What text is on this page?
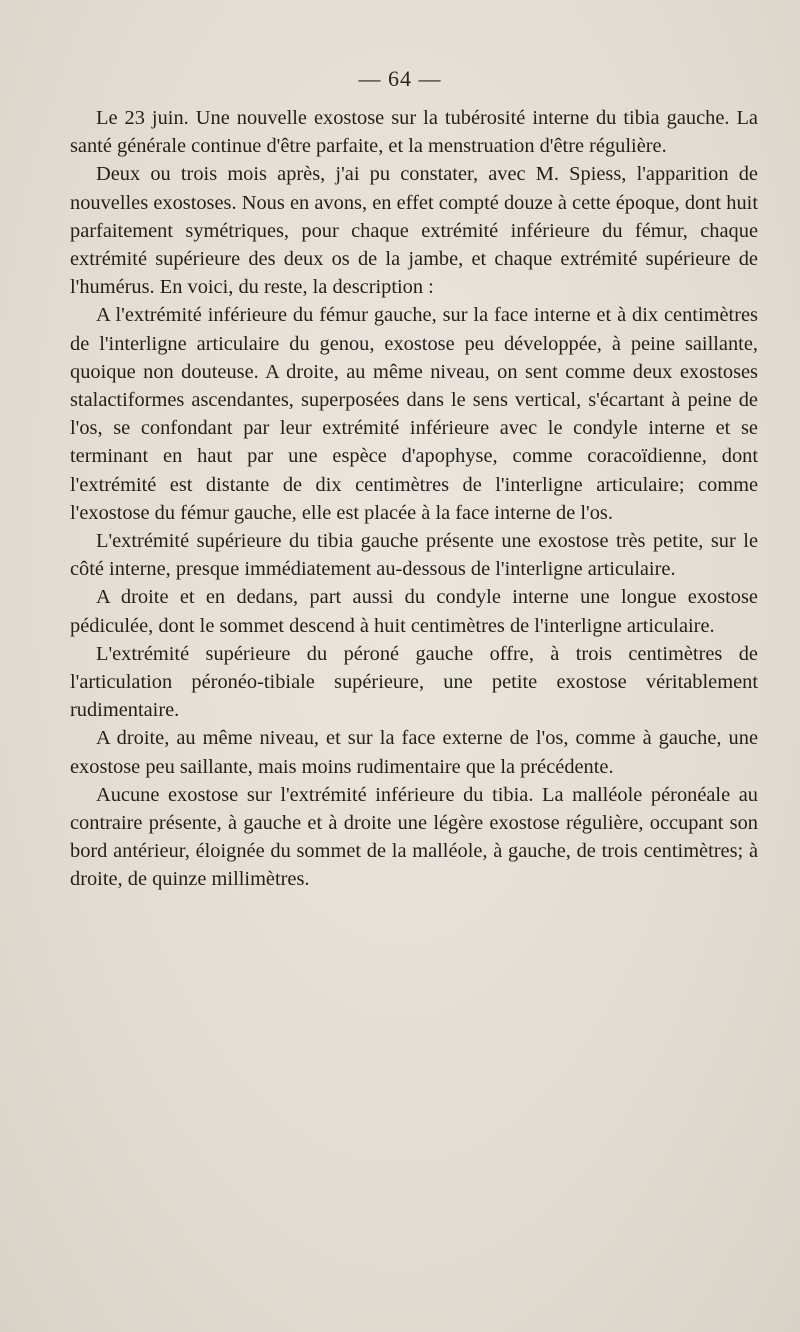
— 64 —

Le 23 juin. Une nouvelle exostose sur la tubérosité interne du tibia gauche. La santé générale continue d'être parfaite, et la menstruation d'être régulière.

Deux ou trois mois après, j'ai pu constater, avec M. Spiess, l'apparition de nouvelles exostoses. Nous en avons, en effet compté douze à cette époque, dont huit parfaitement symétriques, pour chaque extrémité inférieure du fémur, chaque extrémité supérieure des deux os de la jambe, et chaque extrémité supérieure de l'humérus. En voici, du reste, la description :

A l'extrémité inférieure du fémur gauche, sur la face interne et à dix centimètres de l'interligne articulaire du genou, exostose peu développée, à peine saillante, quoique non douteuse. A droite, au même niveau, on sent comme deux exostoses stalactiformes ascendantes, superposées dans le sens vertical, s'écartant à peine de l'os, se confondant par leur extrémité inférieure avec le condyle interne et se terminant en haut par une espèce d'apophyse, comme coracoïdienne, dont l'extrémité est distante de dix centimètres de l'interligne articulaire; comme l'exostose du fémur gauche, elle est placée à la face interne de l'os.

L'extrémité supérieure du tibia gauche présente une exostose très petite, sur le côté interne, presque immédiatement au-dessous de l'interligne articulaire.

A droite et en dedans, part aussi du condyle interne une longue exostose pédiculée, dont le sommet descend à huit centimètres de l'interligne articulaire.

L'extrémité supérieure du péroné gauche offre, à trois centimètres de l'articulation péronéo-tibiale supérieure, une petite exostose véritablement rudimentaire.

A droite, au même niveau, et sur la face externe de l'os, comme à gauche, une exostose peu saillante, mais moins rudimentaire que la précédente.

Aucune exostose sur l'extrémité inférieure du tibia. La malléole péronéale au contraire présente, à gauche et à droite une légère exostose régulière, occupant son bord antérieur, éloignée du sommet de la malléole, à gauche, de trois centimètres; à droite, de quinze millimètres.
